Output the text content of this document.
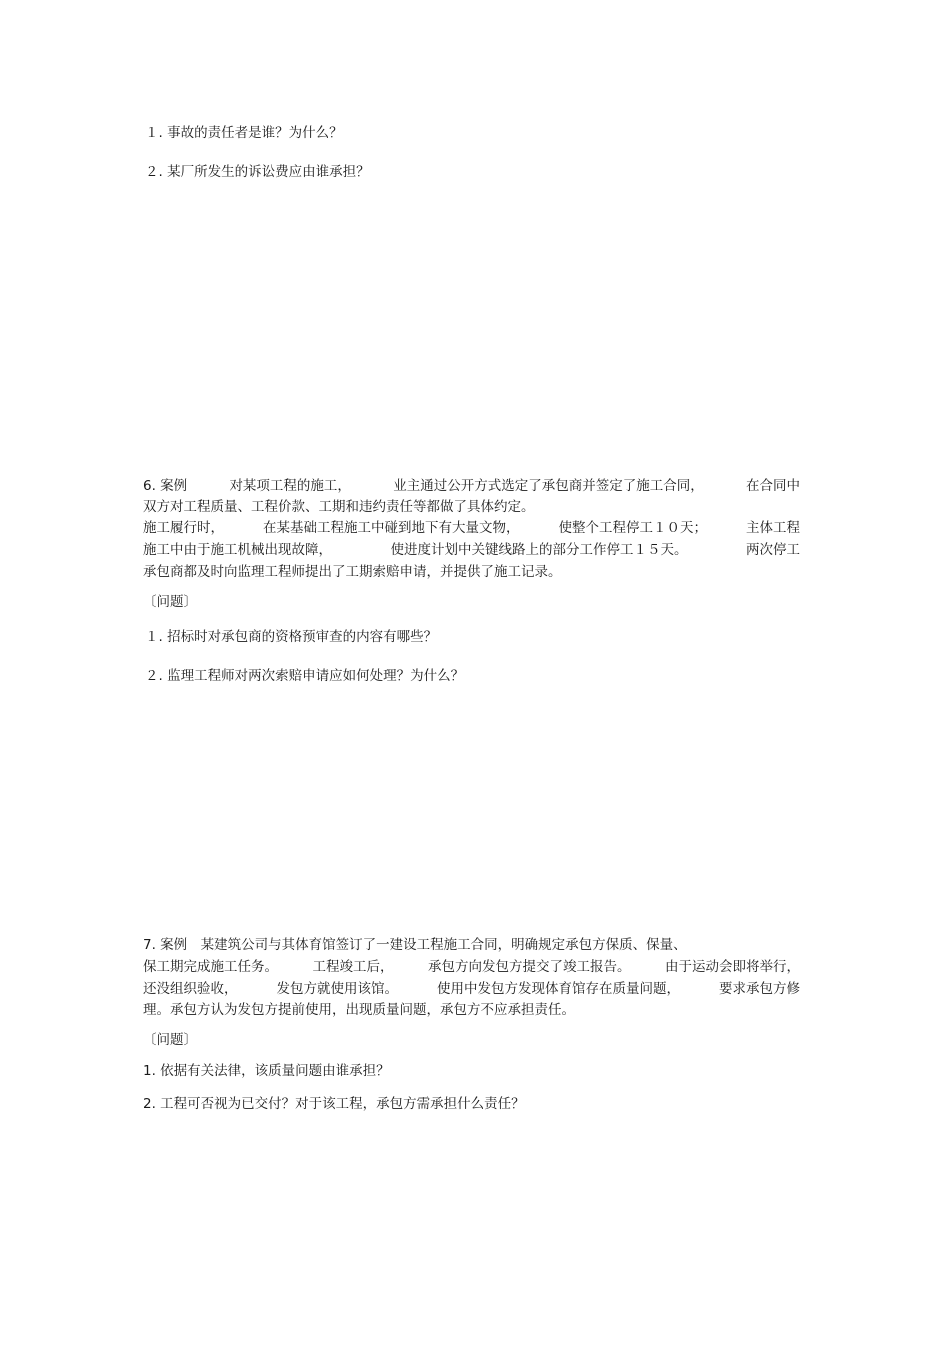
１. 事故的责任者是谁？为什么？

２. 某厂所发生的诉讼费应由谁承担？

6. 案例	对某项工程的施工，	业主通过公开方式选定了承包商并签定了施工合同，	在合同中

双方对工程质量、工程价款、工期和违约责任等都做了具体约定。

施工履行时，	在某基础工程施工中碰到地下有大量文物，	使整个工程停工１０天；	主体工程
施工中由于施工机械出现故障，	使进度计划中关键线路上的部分工作停工１５天。	两次停工

承包商都及时向监理工程师提出了工期索赔申请，并提供了施工记录。

〔问题〕

１. 招标时对承包商的资格预审查的内容有哪些？

２. 监理工程师对两次索赔申请应如何处理？为什么？

7. 案例　某建筑公司与其体育馆签订了一建设工程施工合同，明确规定承包方保质、保量、

保工期完成施工任务。	工程竣工后，	承包方向发包方提交了竣工报告。	由于运动会即将举行，
还没组织验收，	发包方就使用该馆。	使用中发包方发现体育馆存在质量问题，	要求承包方修

理。承包方认为发包方提前使用，出现质量问题，承包方不应承担责任。

〔问题〕

1. 依据有关法律，该质量问题由谁承担？

2. 工程可否视为已交付？对于该工程，承包方需承担什么责任？
